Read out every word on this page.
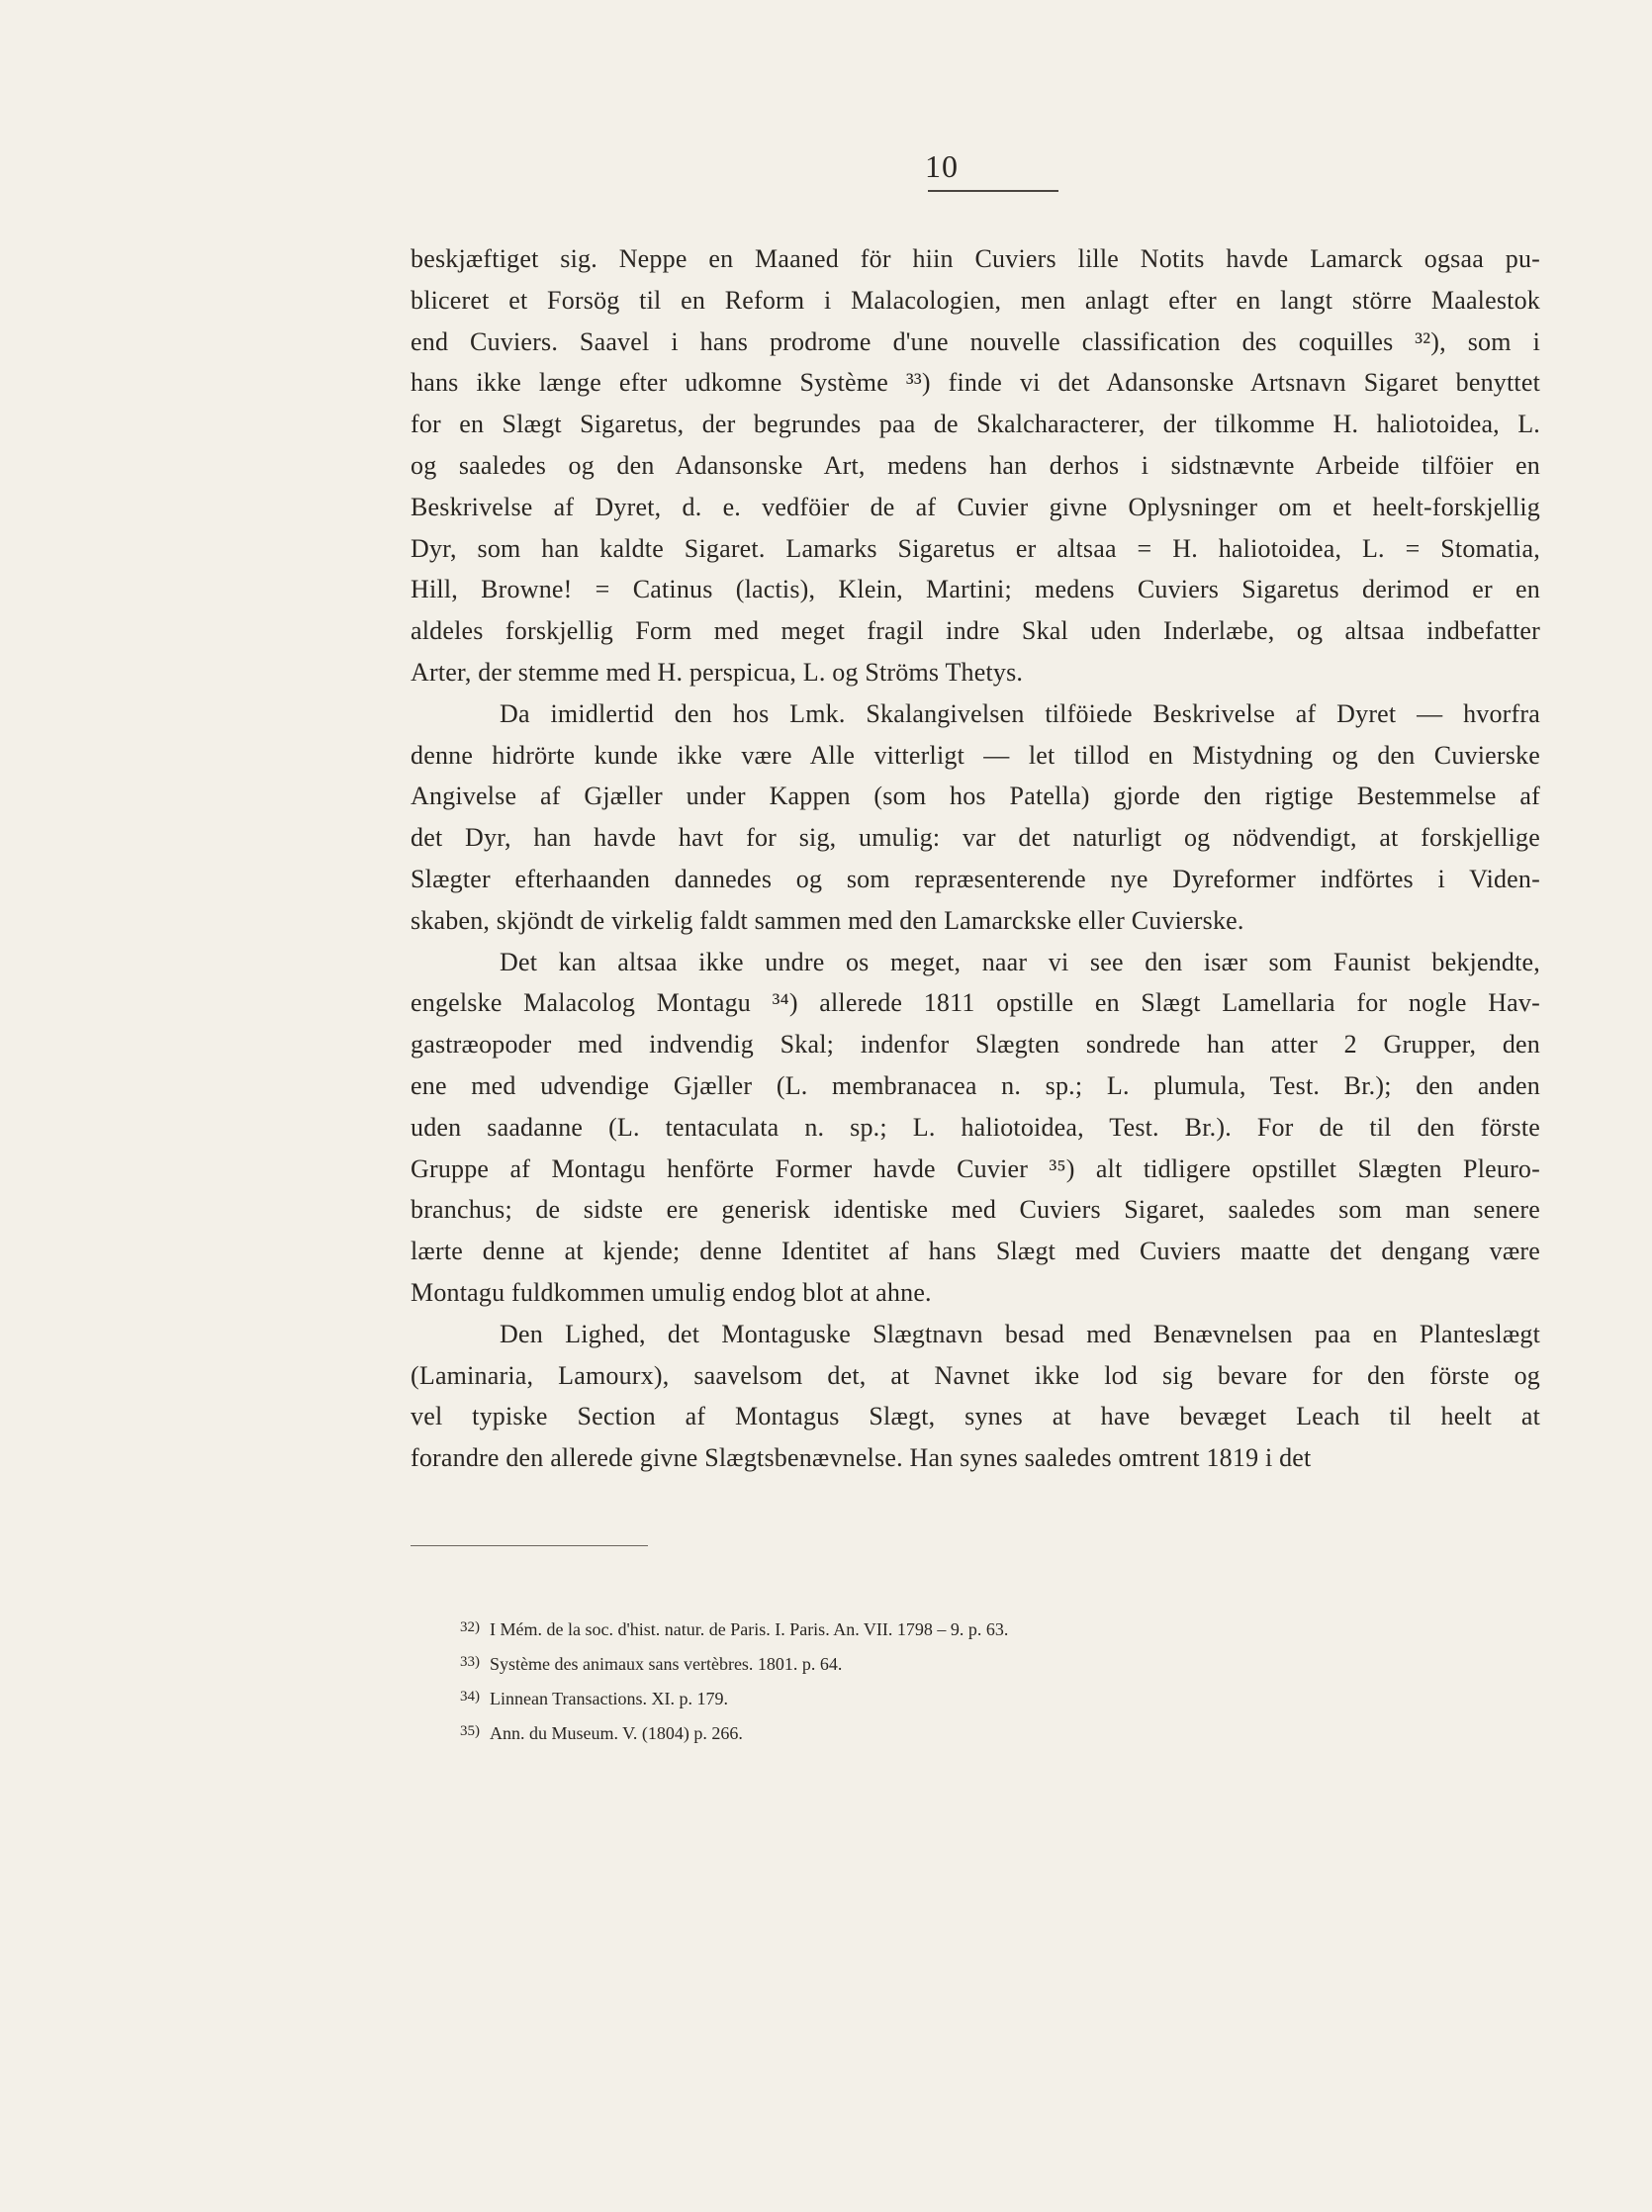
10
beskjæftiget sig. Neppe en Maaned för hiin Cuviers lille Notits havde Lamarck ogsaa pu-
bliceret et Forsög til en Reform i Malacologien, men anlagt efter en langt större Maalestok
end Cuviers. Saavel i hans prodrome d'une nouvelle classification des coquilles ³²), som i
hans ikke længe efter udkomne Système ³³) finde vi det Adansonske Artsnavn Sigaret benyttet
for en Slægt Sigaretus, der begrundes paa de Skalcharacterer, der tilkomme H. haliotoidea, L.
og saaledes og den Adansonske Art, medens han derhos i sidstnævnte Arbeide tilföier en
Beskrivelse af Dyret, d. e. vedföier de af Cuvier givne Oplysninger om et heelt-forskjellig
Dyr, som han kaldte Sigaret. Lamarks Sigaretus er altsaa = H. haliotoidea, L. = Stomatia,
Hill, Browne! = Catinus (lactis), Klein, Martini; medens Cuviers Sigaretus derimod er en
aldeles forskjellig Form med meget fragil indre Skal uden Inderlæbe, og altsaa indbefatter
Arter, der stemme med H. perspicua, L. og Ströms Thetys.
Da imidlertid den hos Lmk. Skalangivelsen tilföiede Beskrivelse af Dyret — hvorfra
denne hidrörte kunde ikke være Alle vitterligt — let tillod en Mistydning og den Cuvierske
Angivelse af Gjæller under Kappen (som hos Patella) gjorde den rigtige Bestemmelse af
det Dyr, han havde havt for sig, umulig: var det naturligt og nödvendigt, at forskjellige
Slægter efterhaanden dannedes og som repræsenterende nye Dyreformer indförtes i Viden-
skaben, skjöndt de virkelig faldt sammen med den Lamarckske eller Cuvierske.
Det kan altsaa ikke undre os meget, naar vi see den især som Faunist bekjendte,
engelske Malacolog Montagu ³⁴) allerede 1811 opstille en Slægt Lamellaria for nogle Hav-
gastræopoder med indvendig Skal; indenfor Slægten sondrede han atter 2 Grupper, den
ene med udvendige Gjæller (L. membranacea n. sp.; L. plumula, Test. Br.); den anden
uden saadanne (L. tentaculata n. sp.; L. haliotoidea, Test. Br.). For de til den förste
Gruppe af Montagu henförte Former havde Cuvier ³⁵) alt tidligere opstillet Slægten Pleuro-
branchus; de sidste ere generisk identiske med Cuviers Sigaret, saaledes som man senere
lærte denne at kjende; denne Identitet af hans Slægt med Cuviers maatte det dengang være
Montagu fuldkommen umulig endog blot at ahne.
Den Lighed, det Montaguske Slægtnavn besad med Benævnelsen paa en Planteslægt
(Laminaria, Lamourx), saavelsom det, at Navnet ikke lod sig bevare for den förste og
vel typiske Section af Montagus Slægt, synes at have bevæget Leach til heelt at
forandre den allerede givne Slægtsbenævnelse. Han synes saaledes omtrent 1819 i det
32) I Mém. de la soc. d'hist. natur. de Paris. I. Paris. An. VII. 1798 – 9. p. 63.
33) Système des animaux sans vertèbres. 1801. p. 64.
34) Linnean Transactions. XI. p. 179.
35) Ann. du Museum. V. (1804) p. 266.
